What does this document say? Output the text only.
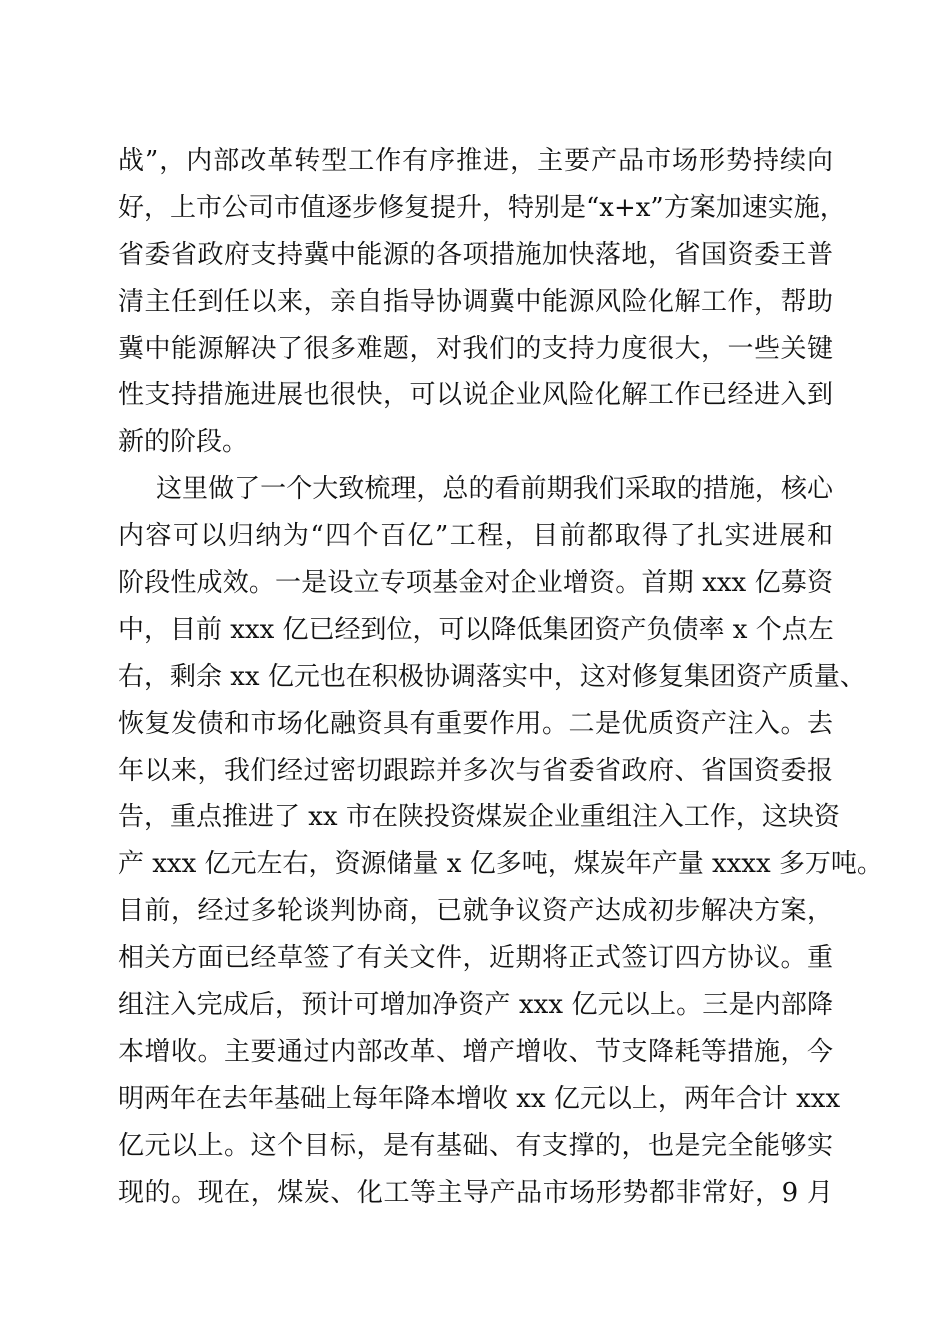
战”，内部改革转型工作有序推进，主要产品市场形势持续向
好，上市公司市值逐步修复提升，特别是“x+x”方案加速实施，
省委省政府支持冀中能源的各项措施加快落地，省国资委王普
清主任到任以来，亲自指导协调冀中能源风险化解工作，帮助
冀中能源解决了很多难题，对我们的支持力度很大，一些关键
性支持措施进展也很快，可以说企业风险化解工作已经进入到
新的阶段。
这里做了一个大致梳理，总的看前期我们采取的措施，核心
内容可以归纳为“四个百亿”工程，目前都取得了扎实进展和
阶段性成效。一是设立专项基金对企业增资。首期 xxx 亿募资
中，目前 xxx 亿已经到位，可以降低集团资产负债率 x 个点左
右，剩余 xx 亿元也在积极协调落实中，这对修复集团资产质量、
恢复发债和市场化融资具有重要作用。二是优质资产注入。去
年以来，我们经过密切跟踪并多次与省委省政府、省国资委报
告，重点推进了 xx 市在陕投资煤炭企业重组注入工作，这块资
产 xxx 亿元左右，资源储量 x 亿多吨，煤炭年产量 xxxx 多万吨。
目前，经过多轮谈判协商，已就争议资产达成初步解决方案，
相关方面已经草签了有关文件，近期将正式签订四方协议。重
组注入完成后，预计可增加净资产 xxx 亿元以上。三是内部降
本增收。主要通过内部改革、增产增收、节支降耗等措施，今
明两年在去年基础上每年降本增收 xx 亿元以上，两年合计 xxx
亿元以上。这个目标，是有基础、有支撑的，也是完全能够实
现的。现在，煤炭、化工等主导产品市场形势都非常好，9 月
